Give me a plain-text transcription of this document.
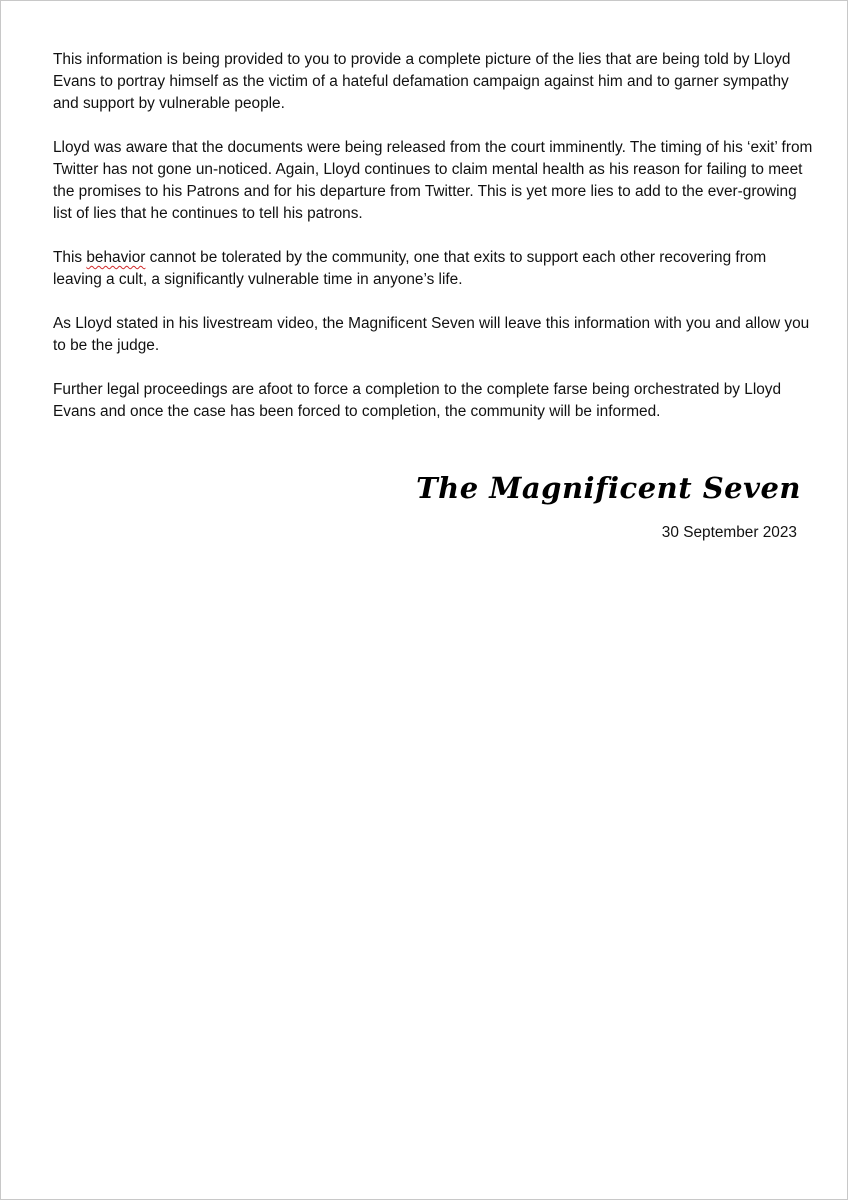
This information is being provided to you to provide a complete picture of the lies that are being told by Lloyd Evans to portray himself as the victim of a hateful defamation campaign against him and to garner sympathy and support by vulnerable people.

Lloyd was aware that the documents were being released from the court imminently. The timing of his ‘exit’ from Twitter has not gone un-noticed. Again, Lloyd continues to claim mental health as his reason for failing to meet the promises to his Patrons and for his departure from Twitter. This is yet more lies to add to the ever-growing list of lies that he continues to tell his patrons.

This behavior cannot be tolerated by the community, one that exits to support each other recovering from leaving a cult, a significantly vulnerable time in anyone’s life.

As Lloyd stated in his livestream video, the Magnificent Seven will leave this information with you and allow you to be the judge.

Further legal proceedings are afoot to force a completion to the complete farse being orchestrated by Lloyd Evans and once the case has been forced to completion, the community will be informed.

The Magnificent Seven
30 September 2023
